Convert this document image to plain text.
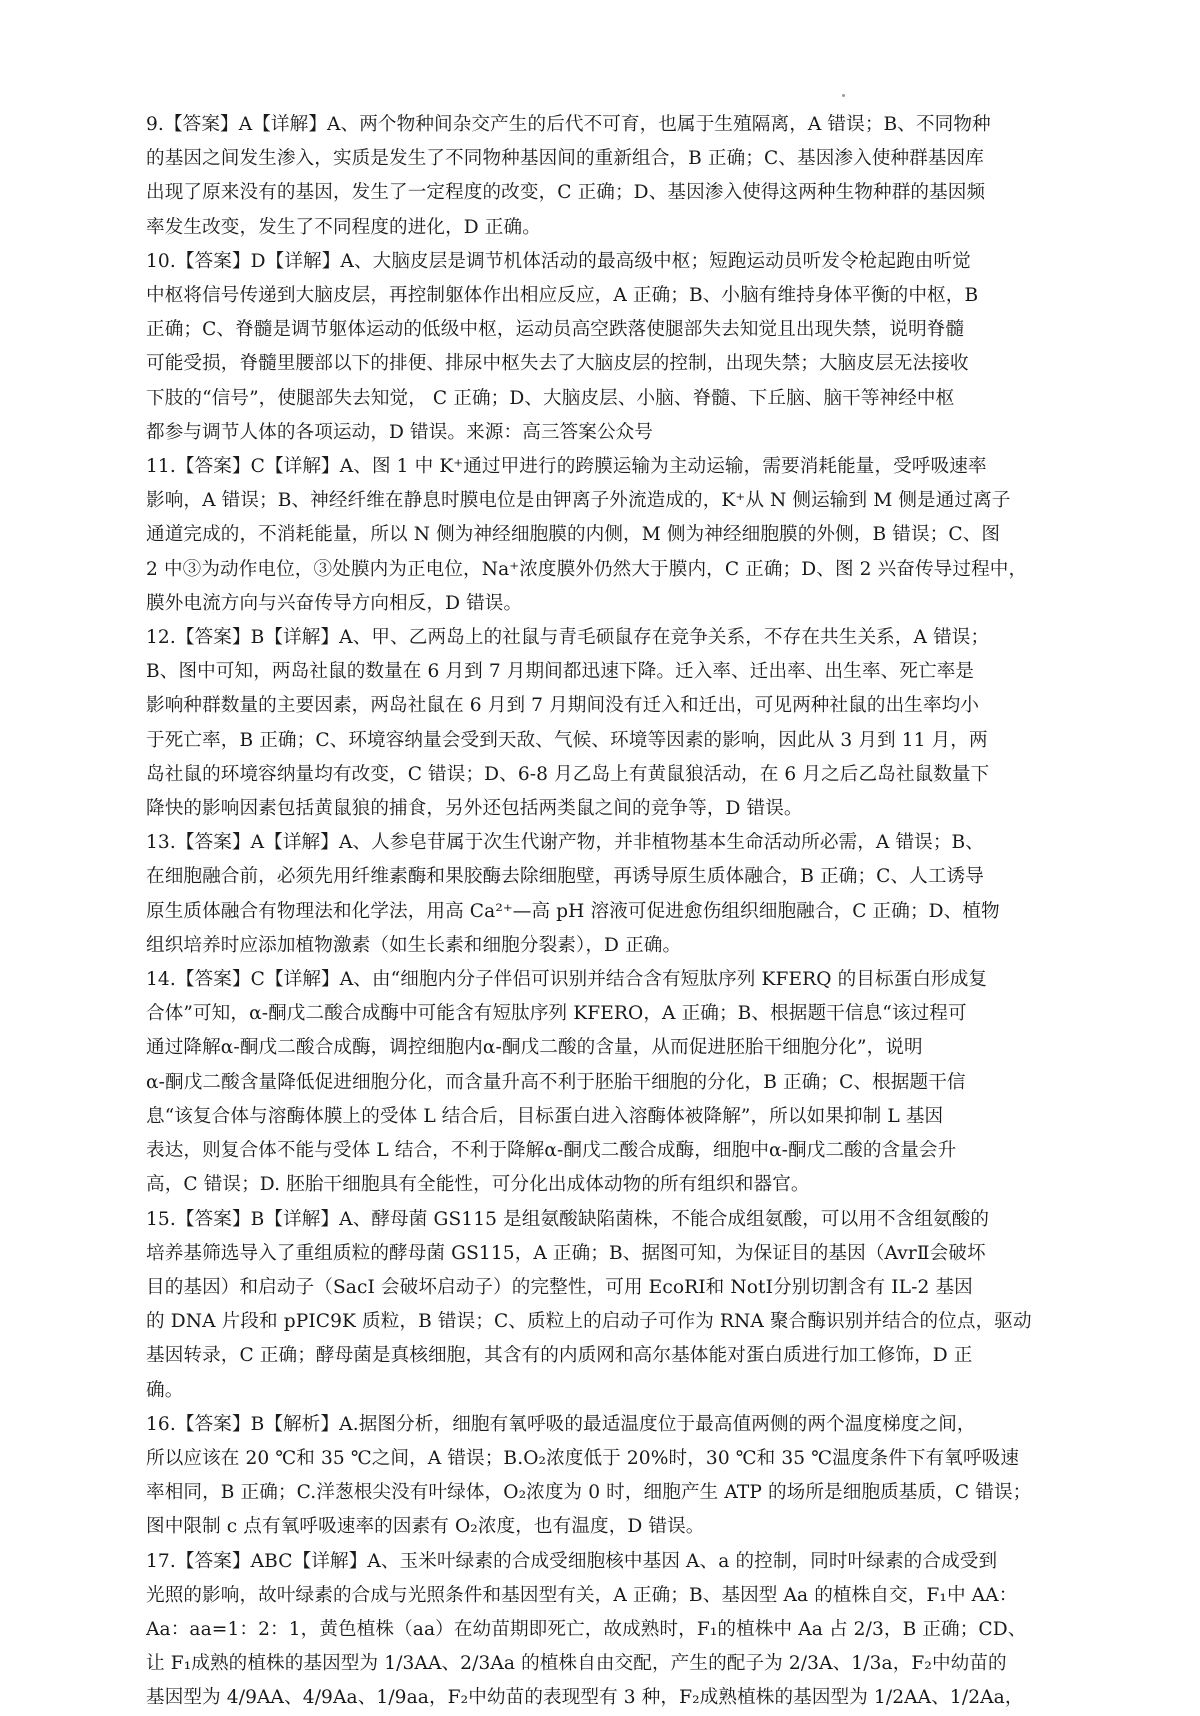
9.【答案】A【详解】A、两个物种间杂交产生的后代不可育，也属于生殖隔离，A 错误；B、不同物种

的基因之间发生渗入，实质是发生了不同物种基因间的重新组合，B 正确；C、基因渗入使种群基因库

出现了原来没有的基因，发生了一定程度的改变，C 正确；D、基因渗入使得这两种生物种群的基因频

率发生改变，发生了不同程度的进化，D 正确。

10.【答案】D【详解】A、大脑皮层是调节机体活动的最高级中枢；短跑运动员听发令枪起跑由听觉

中枢将信号传递到大脑皮层，再控制躯体作出相应反应，A 正确；B、小脑有维持身体平衡的中枢，B

正确；C、脊髓是调节躯体运动的低级中枢，运动员高空跌落使腿部失去知觉且出现失禁，说明脊髓

可能受损，脊髓里腰部以下的排便、排尿中枢失去了大脑皮层的控制，出现失禁；大脑皮层无法接收

下肢的“信号”，使腿部失去知觉， C 正确；D、大脑皮层、小脑、脊髓、下丘脑、脑干等神经中枢

都参与调节人体的各项运动，D 错误。来源：高三答案公众号

11.【答案】C【详解】A、图 1 中 K⁺通过甲进行的跨膜运输为主动运输，需要消耗能量，受呼吸速率

影响，A 错误；B、神经纤维在静息时膜电位是由钾离子外流造成的，K⁺从 N 侧运输到 M 侧是通过离子

通道完成的，不消耗能量，所以 N 侧为神经细胞膜的内侧，M 侧为神经细胞膜的外侧，B 错误；C、图

2 中③为动作电位，③处膜内为正电位，Na⁺浓度膜外仍然大于膜内，C 正确；D、图 2 兴奋传导过程中，

膜外电流方向与兴奋传导方向相反，D 错误。

12.【答案】B【详解】A、甲、乙两岛上的社鼠与青毛硕鼠存在竞争关系，不存在共生关系，A 错误；

B、图中可知，两岛社鼠的数量在 6 月到 7 月期间都迅速下降。迁入率、迁出率、出生率、死亡率是

影响种群数量的主要因素，两岛社鼠在 6 月到 7 月期间没有迁入和迁出，可见两种社鼠的出生率均小

于死亡率，B 正确；C、环境容纳量会受到天敌、气候、环境等因素的影响，因此从 3 月到 11 月，两

岛社鼠的环境容纳量均有改变，C 错误；D、6-8 月乙岛上有黄鼠狼活动，在 6 月之后乙岛社鼠数量下

降快的影响因素包括黄鼠狼的捕食，另外还包括两类鼠之间的竞争等，D 错误。

13.【答案】A【详解】A、人参皂苷属于次生代谢产物，并非植物基本生命活动所必需，A 错误；B、

在细胞融合前，必须先用纤维素酶和果胶酶去除细胞壁，再诱导原生质体融合，B 正确；C、人工诱导

原生质体融合有物理法和化学法，用高 Ca²⁺—高 pH 溶液可促进愈伤组织细胞融合，C 正确；D、植物

组织培养时应添加植物激素（如生长素和细胞分裂素），D 正确。

14.【答案】C【详解】A、由“细胞内分子伴侣可识别并结合含有短肽序列 KFERQ 的目标蛋白形成复

合体”可知，α-酮戊二酸合成酶中可能含有短肽序列 KFERO，A 正确；B、根据题干信息“该过程可

通过降解α-酮戊二酸合成酶，调控细胞内α-酮戊二酸的含量，从而促进胚胎干细胞分化”，说明

α-酮戊二酸含量降低促进细胞分化，而含量升高不利于胚胎干细胞的分化，B 正确；C、根据题干信

息“该复合体与溶酶体膜上的受体 L 结合后，目标蛋白进入溶酶体被降解”，所以如果抑制 L 基因

表达，则复合体不能与受体 L 结合，不利于降解α-酮戊二酸合成酶，细胞中α-酮戊二酸的含量会升

高，C 错误；D. 胚胎干细胞具有全能性，可分化出成体动物的所有组织和器官。

15.【答案】B【详解】A、酵母菌 GS115 是组氨酸缺陷菌株，不能合成组氨酸，可以用不含组氨酸的

培养基筛选导入了重组质粒的酵母菌 GS115，A 正确；B、据图可知，为保证目的基因（AvrⅡ会破坏

目的基因）和启动子（SacI 会破坏启动子）的完整性，可用 EcoRⅠ和 NotⅠ分别切割含有 IL-2 基因

的 DNA 片段和 pPIC9K 质粒，B 错误；C、质粒上的启动子可作为 RNA 聚合酶识别并结合的位点，驱动

基因转录，C 正确；酵母菌是真核细胞，其含有的内质网和高尔基体能对蛋白质进行加工修饰，D 正

确。

16.【答案】B【解析】A.据图分析，细胞有氧呼吸的最适温度位于最高值两侧的两个温度梯度之间，

所以应该在 20 ℃和 35 ℃之间，A 错误；B.O₂浓度低于 20%时，30 ℃和 35 ℃温度条件下有氧呼吸速

率相同，B 正确；C.洋葱根尖没有叶绿体，O₂浓度为 0 时，细胞产生 ATP 的场所是细胞质基质，C 错误；

图中限制 c 点有氧呼吸速率的因素有 O₂浓度，也有温度，D 错误。

17.【答案】ABC【详解】A、玉米叶绿素的合成受细胞核中基因 A、a 的控制，同时叶绿素的合成受到

光照的影响，故叶绿素的合成与光照条件和基因型有关，A 正确；B、基因型 Aa 的植株自交，F₁中 AA：

Aa：aa=1：2：1，黄色植株（aa）在幼苗期即死亡，故成熟时，F₁的植株中 Aa 占 2/3，B 正确；CD、

让 F₁成熟的植株的基因型为 1/3AA、2/3Aa 的植株自由交配，产生的配子为 2/3A、1/3a，F₂中幼苗的

基因型为 4/9AA、4/9Aa、1/9aa，F₂中幼苗的表现型有 3 种，F₂成熟植株的基因型为 1/2AA、1/2Aa，
